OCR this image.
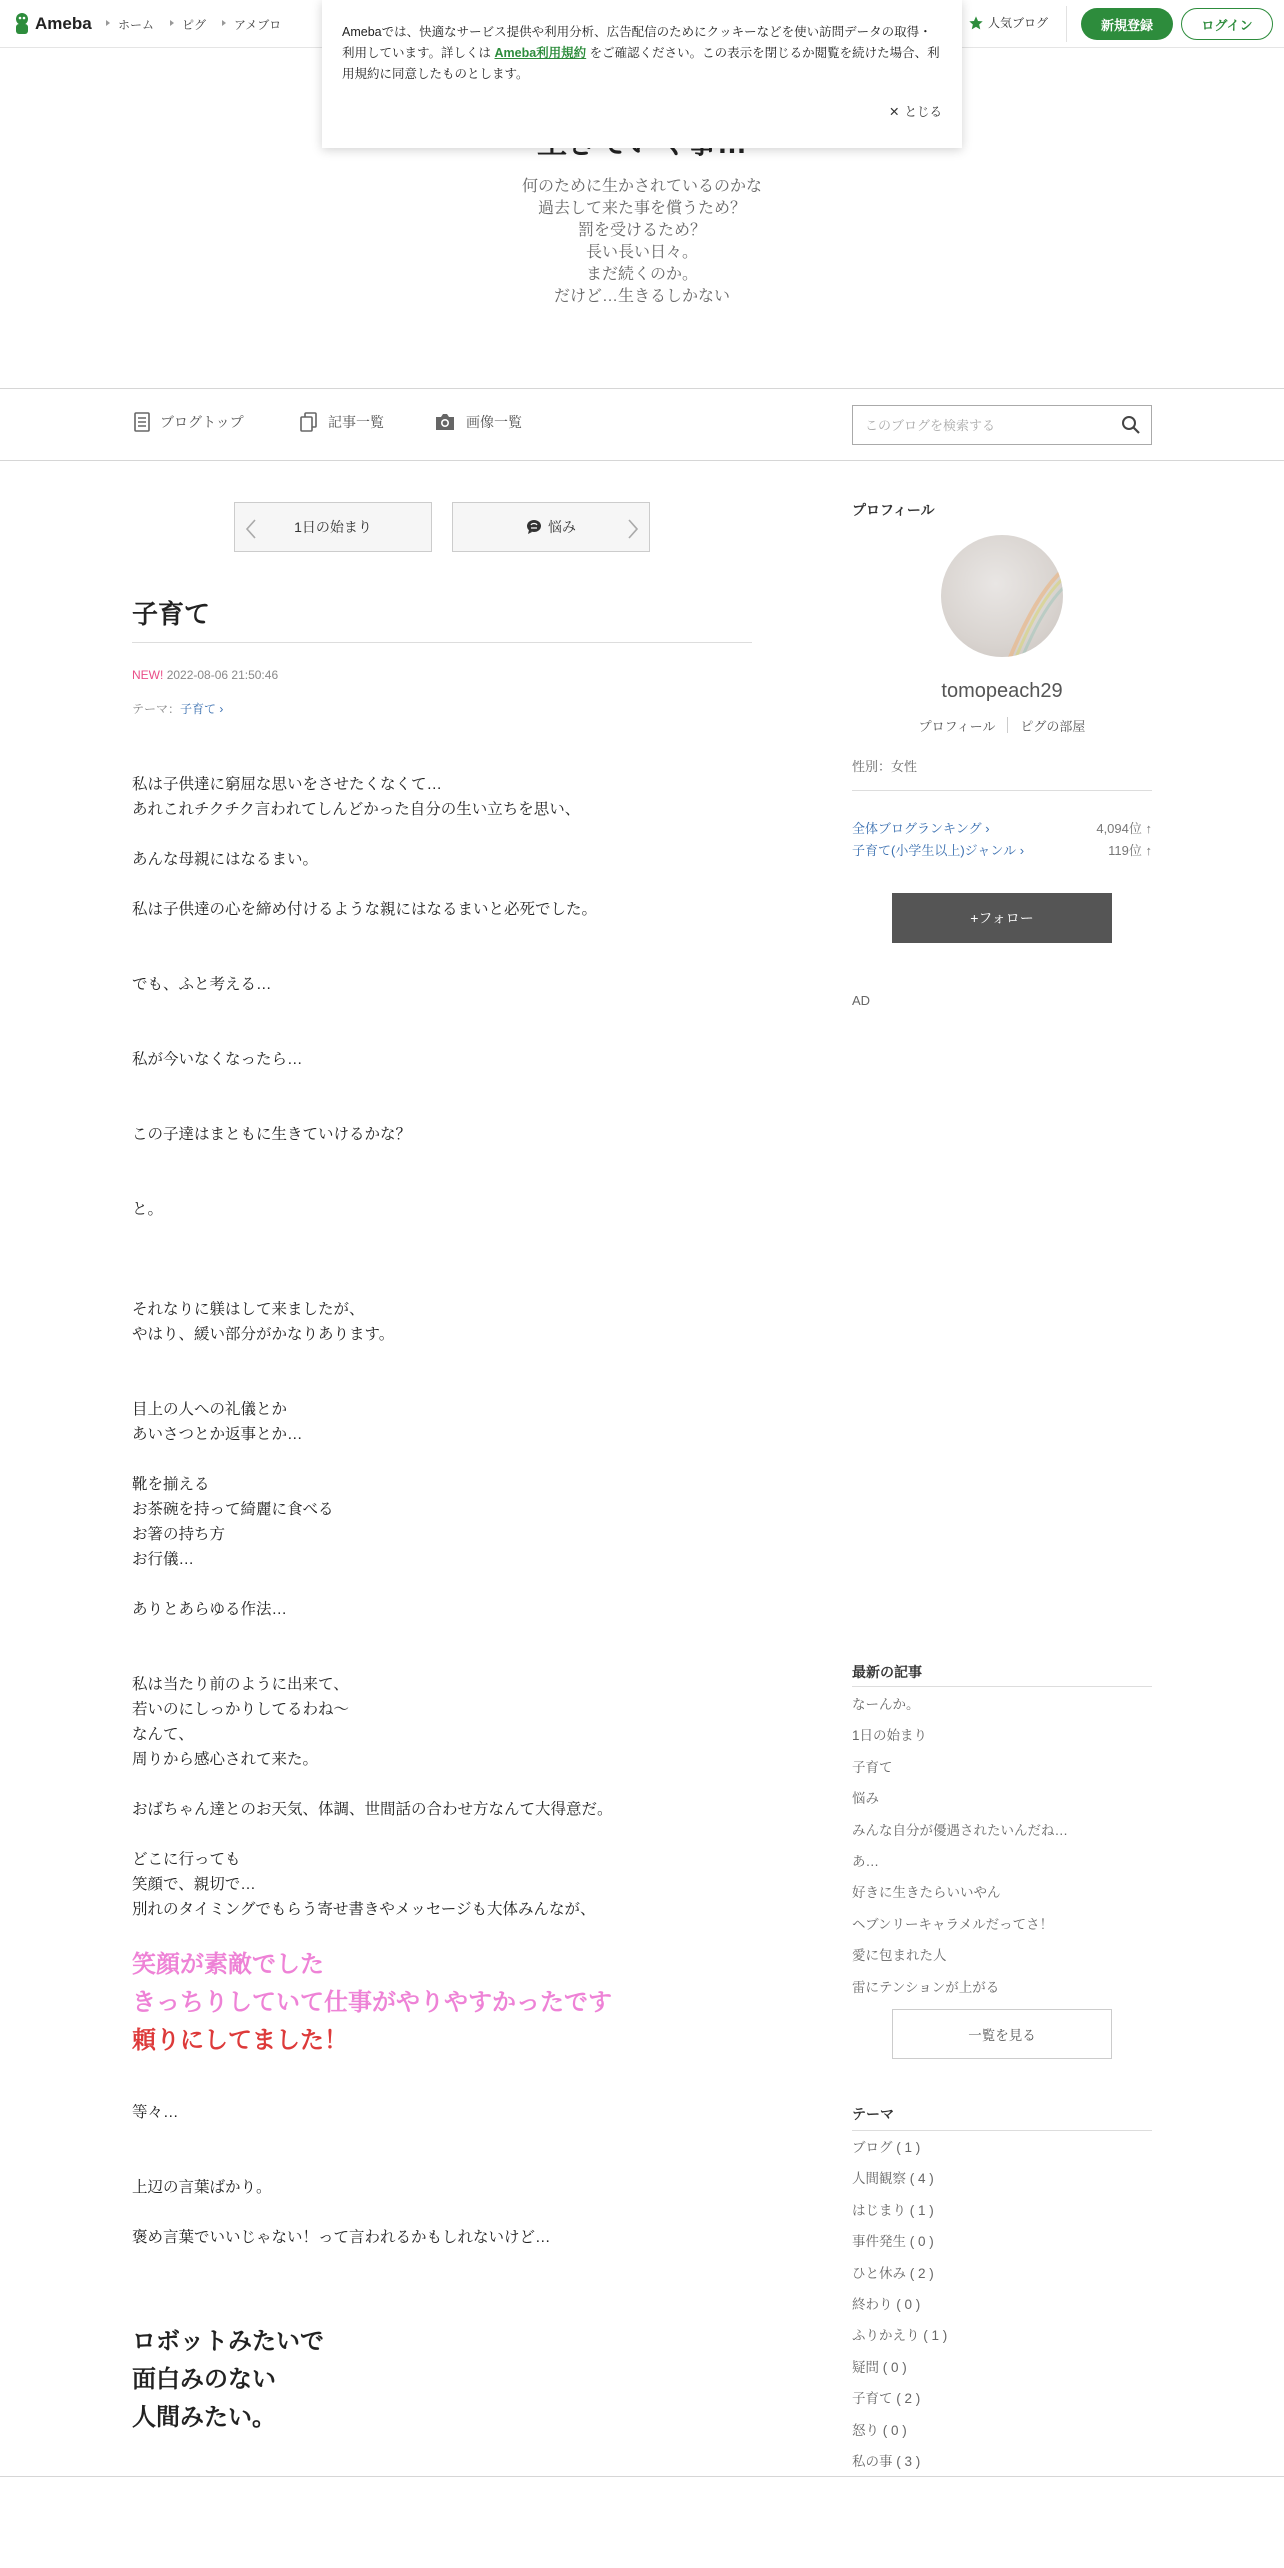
Ameba	ホーム	ピグ	アメブロ	人気ブログ	新規登録	ログイン
Amebaでは、快適なサービス提供や利用分析、広告配信のためにクッキーなどを使い訪問データの取得・利用しています。詳しくは Ameba利用規約 をご確認ください。この表示を閉じるか閲覧を続けた場合、利用規約に同意したものとします。
✕ とじる
何のために生かされているのかな
過去して来た事を償うため？
罰を受けるため？
長い長い日々。
まだ続くのか。
だけど…生きるしかない
ブログトップ	記事一覧	画像一覧
このブログを検索する
1日の始まり	悩み
子育て
NEW! 2022-08-06 21:50:46
テーマ：子育て ›
私は子供達に窮屈な思いをさせたくなくて…
あれこれチクチク言われてしんどかった自分の生い立ちを思い、
あんな母親にはなるまい。
私は子供達の心を締め付けるような親にはなるまいと必死でした。
でも、ふと考える…
私が今いなくなったら…
この子達はまともに生きていけるかな？
と。
それなりに躾はして来ましたが、
やはり、緩い部分がかなりあります。
目上の人への礼儀とか
あいさつとか返事とか…
靴を揃える
お茶碗を持って綺麗に食べる
お箸の持ち方
お行儀…
ありとあらゆる作法…
私は当たり前のように出来て、
若いのにしっかりしてるわね〜
なんて、
周りから感心されて来た。
おばちゃん達とのお天気、体調、世間話の合わせ方なんて大得意だ。
どこに行っても
笑顔で、親切で…
別れのタイミングでもらう寄せ書きやメッセージも大体みんなが、
笑顔が素敵でした
きっちりしていて仕事がやりやすかったです
頼りにしてました！
等々…
上辺の言葉ばかり。
褒め言葉でいいじゃない！って言われるかもしれないけど…
ロボットみたいで
面白みのない
人間みたい。
プロフィール
tomopeach29
プロフィール	ピグの部屋
性別：女性
全体ブログランキング ›	4,094位 ↑
子育て(小学生以上)ジャンル ›	119位 ↑
+フォロー
AD
最新の記事
なーんか。
1日の始まり
子育て
悩み
みんな自分が優遇されたいんだね…
あ…
好きに生きたらいいやん
ヘブンリーキャラメルだってさ！
愛に包まれた人
雷にテンションが上がる
一覧を見る
テーマ
ブログ ( 1 )
人間観察 ( 4 )
はじまり ( 1 )
事件発生 ( 0 )
ひと休み ( 2 )
終わり ( 0 )
ふりかえり ( 1 )
疑問 ( 0 )
子育て ( 2 )
怒り ( 0 )
私の事 ( 3 )
